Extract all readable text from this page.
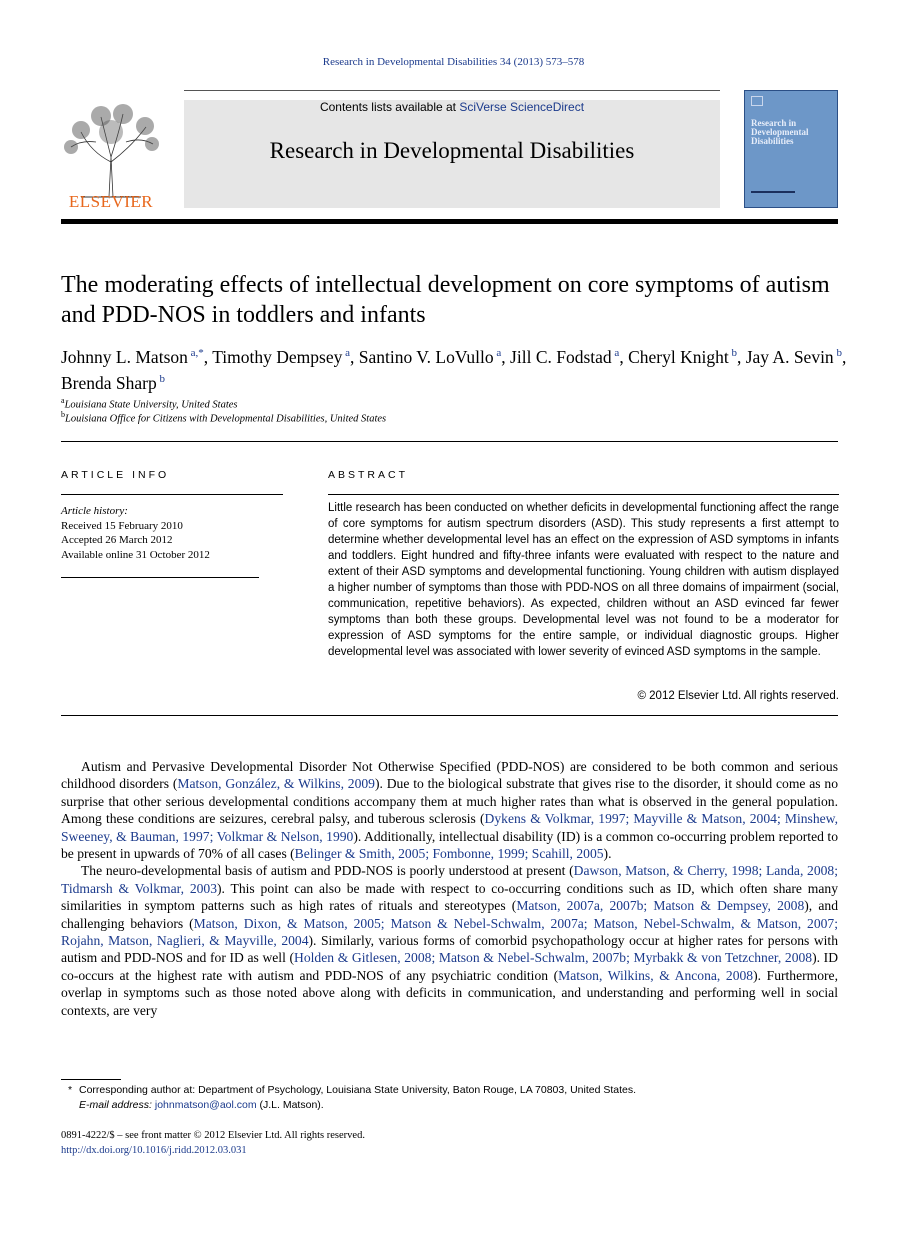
Research in Developmental Disabilities 34 (2013) 573–578
ELSEVIER
Contents lists available at SciVerse ScienceDirect
Research in Developmental Disabilities
Research in Developmental Disabilities
The moderating effects of intellectual development on core symptoms of autism and PDD-NOS in toddlers and infants
Johnny L. Matson $^{a,*}$, Timothy Dempsey $^a$, Santino V. LoVullo $^a$, Jill C. Fodstad $^a$, Cheryl Knight $^b$, Jay A. Sevin $^b$, Brenda Sharp $^b$
$^a$Louisiana State University, United States
$^b$Louisiana Office for Citizens with Developmental Disabilities, United States
ARTICLE INFO
Article history:
Received 15 February 2010
Accepted 26 March 2012
Available online 31 October 2012
ABSTRACT
Little research has been conducted on whether deficits in developmental functioning affect the range of core symptoms for autism spectrum disorders (ASD). This study represents a first attempt to determine whether developmental level has an effect on the expression of ASD symptoms in infants and toddlers. Eight hundred and fifty-three infants were evaluated with respect to the nature and extent of their ASD symptoms and developmental functioning. Young children with autism displayed a higher number of symptoms than those with PDD-NOS on all three domains of impairment (social, communication, repetitive behaviors). As expected, children without an ASD evinced far fewer symptoms than both these groups. Developmental level was not found to be a moderator for expression of ASD symptoms for the entire sample, or individual diagnostic groups. Higher developmental level was associated with lower severity of evinced ASD symptoms in the sample.
© 2012 Elsevier Ltd. All rights reserved.

Autism and Pervasive Developmental Disorder Not Otherwise Specified (PDD-NOS) are considered to be both common and serious childhood disorders (Matson, González, & Wilkins, 2009). Due to the biological substrate that gives rise to the disorder, it should come as no surprise that other serious developmental conditions accompany them at much higher rates than what is observed in the general population. Among these conditions are seizures, cerebral palsy, and tuberous sclerosis (Dykens & Volkmar, 1997; Mayville & Matson, 2004; Minshew, Sweeney, & Bauman, 1997; Volkmar & Nelson, 1990). Additionally, intellectual disability (ID) is a common co-occurring problem reported to be present in upwards of 70% of all cases (Belinger & Smith, 2005; Fombonne, 1999; Scahill, 2005).

The neuro-developmental basis of autism and PDD-NOS is poorly understood at present (Dawson, Matson, & Cherry, 1998; Landa, 2008; Tidmarsh & Volkmar, 2003). This point can also be made with respect to co-occurring conditions such as ID, which often share many similarities in symptom patterns such as high rates of rituals and stereotypes (Matson, 2007a, 2007b; Matson & Dempsey, 2008), and challenging behaviors (Matson, Dixon, & Matson, 2005; Matson & Nebel-Schwalm, 2007a; Matson, Nebel-Schwalm, & Matson, 2007; Rojahn, Matson, Naglieri, & Mayville, 2004). Similarly, various forms of comorbid psychopathology occur at higher rates for persons with autism and PDD-NOS and for ID as well (Holden & Gitlesen, 2008; Matson & Nebel-Schwalm, 2007b; Myrbakk & von Tetzchner, 2008). ID co-occurs at the highest rate with autism and PDD-NOS of any psychiatric condition (Matson, Wilkins, & Ancona, 2008). Furthermore, overlap in symptoms such as those noted above along with deficits in communication, and understanding and performing well in social contexts, are very

* Corresponding author at: Department of Psychology, Louisiana State University, Baton Rouge, LA 70803, United States.
E-mail address: johnmatson@aol.com (J.L. Matson).
0891-4222/$ – see front matter © 2012 Elsevier Ltd. All rights reserved.
http://dx.doi.org/10.1016/j.ridd.2012.03.031
